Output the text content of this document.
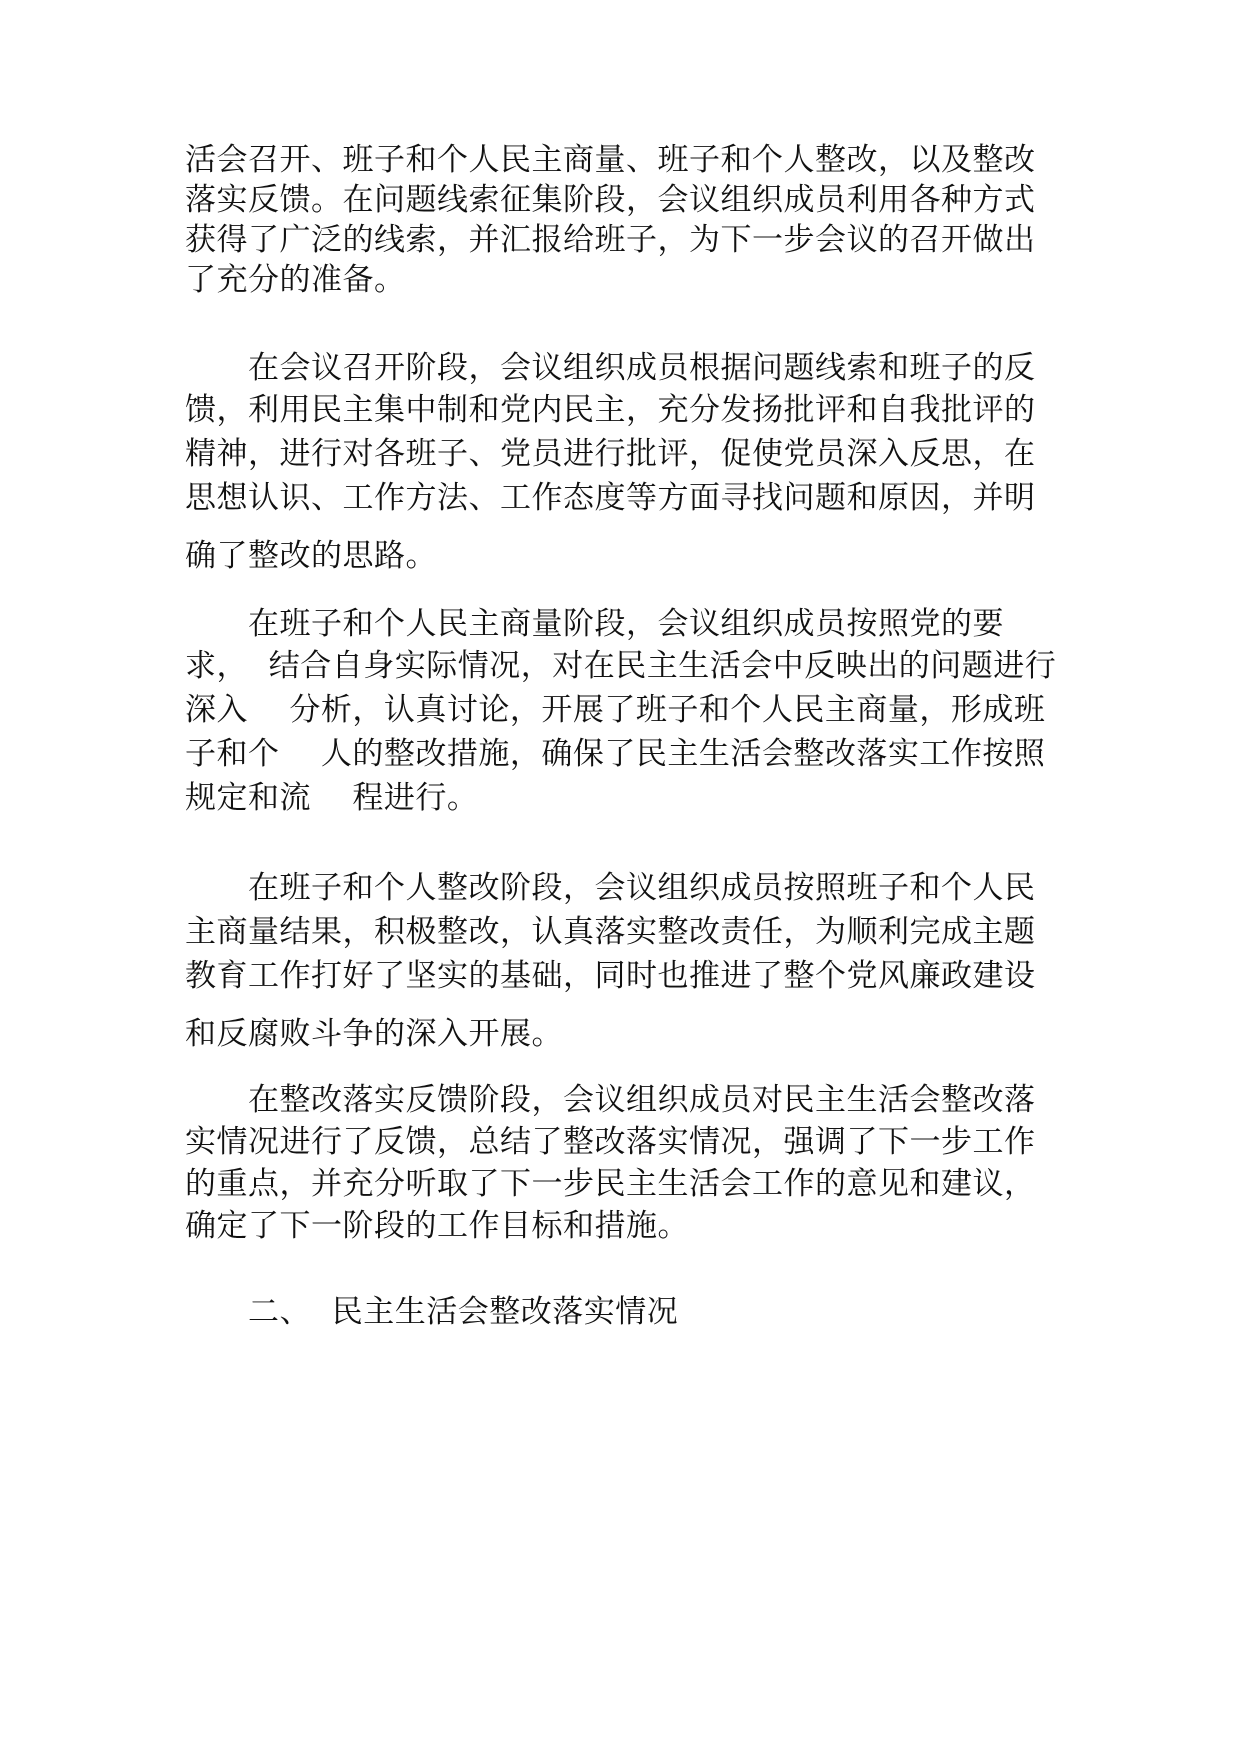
活会召开、班子和个人民主商量、班子和个人整改，以及整改
落实反馈。在问题线索征集阶段，会议组织成员利用各种方式
获得了广泛的线索，并汇报给班子，为下一步会议的召开做出
了充分的准备。
在会议召开阶段，会议组织成员根据问题线索和班子的反
馈，利用民主集中制和党内民主，充分发扬批评和自我批评的
精神，进行对各班子、党员进行批评，促使党员深入反思，在
思想认识、工作方法、工作态度等方面寻找问题和原因，并明
确了整改的思路。
在班子和个人民主商量阶段，会议组织成员按照党的要
求，  结合自身实际情况，对在民主生活会中反映出的问题进行
深入    分析，认真讨论，开展了班子和个人民主商量，形成班
子和个    人的整改措施，确保了民主生活会整改落实工作按照
规定和流    程进行。
在班子和个人整改阶段，会议组织成员按照班子和个人民
主商量结果，积极整改，认真落实整改责任，为顺利完成主题
教育工作打好了坚实的基础，同时也推进了整个党风廉政建设
和反腐败斗争的深入开展。
在整改落实反馈阶段，会议组织成员对民主生活会整改落
实情况进行了反馈，总结了整改落实情况，强调了下一步工作
的重点，并充分听取了下一步民主生活会工作的意见和建议，
确定了下一阶段的工作目标和措施。
二、  民主生活会整改落实情况
